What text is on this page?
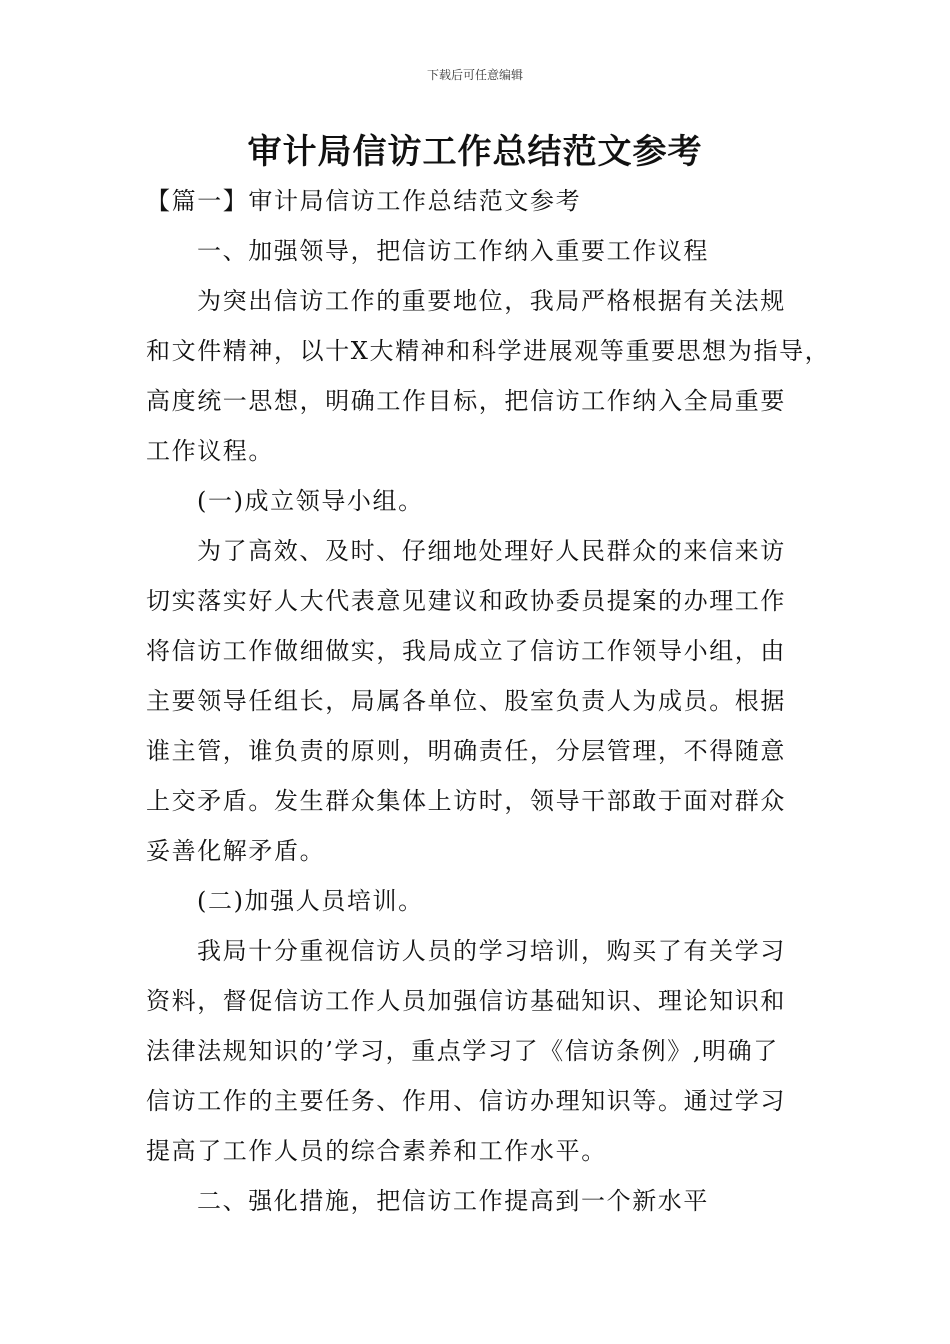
下载后可任意编辑
审计局信访工作总结范文参考
【篇一】审计局信访工作总结范文参考
一、加强领导，把信访工作纳入重要工作议程
为突出信访工作的重要地位，我局严格根据有关法规
和文件精神，以十X大精神和科学进展观等重要思想为指导，
高度统一思想，明确工作目标，把信访工作纳入全局重要
工作议程。
(一)成立领导小组。
为了高效、及时、仔细地处理好人民群众的来信来访
切实落实好人大代表意见建议和政协委员提案的办理工作
将信访工作做细做实，我局成立了信访工作领导小组，由
主要领导任组长，局属各单位、股室负责人为成员。根据
谁主管，谁负责的原则，明确责任，分层管理，不得随意
上交矛盾。发生群众集体上访时，领导干部敢于面对群众
妥善化解矛盾。
(二)加强人员培训。
我局十分重视信访人员的学习培训，购买了有关学习
资料，督促信访工作人员加强信访基础知识、理论知识和
法律法规知识的’学习，重点学习了《信访条例》,明确了
信访工作的主要任务、作用、信访办理知识等。通过学习
提高了工作人员的综合素养和工作水平。
二、强化措施，把信访工作提高到一个新水平
